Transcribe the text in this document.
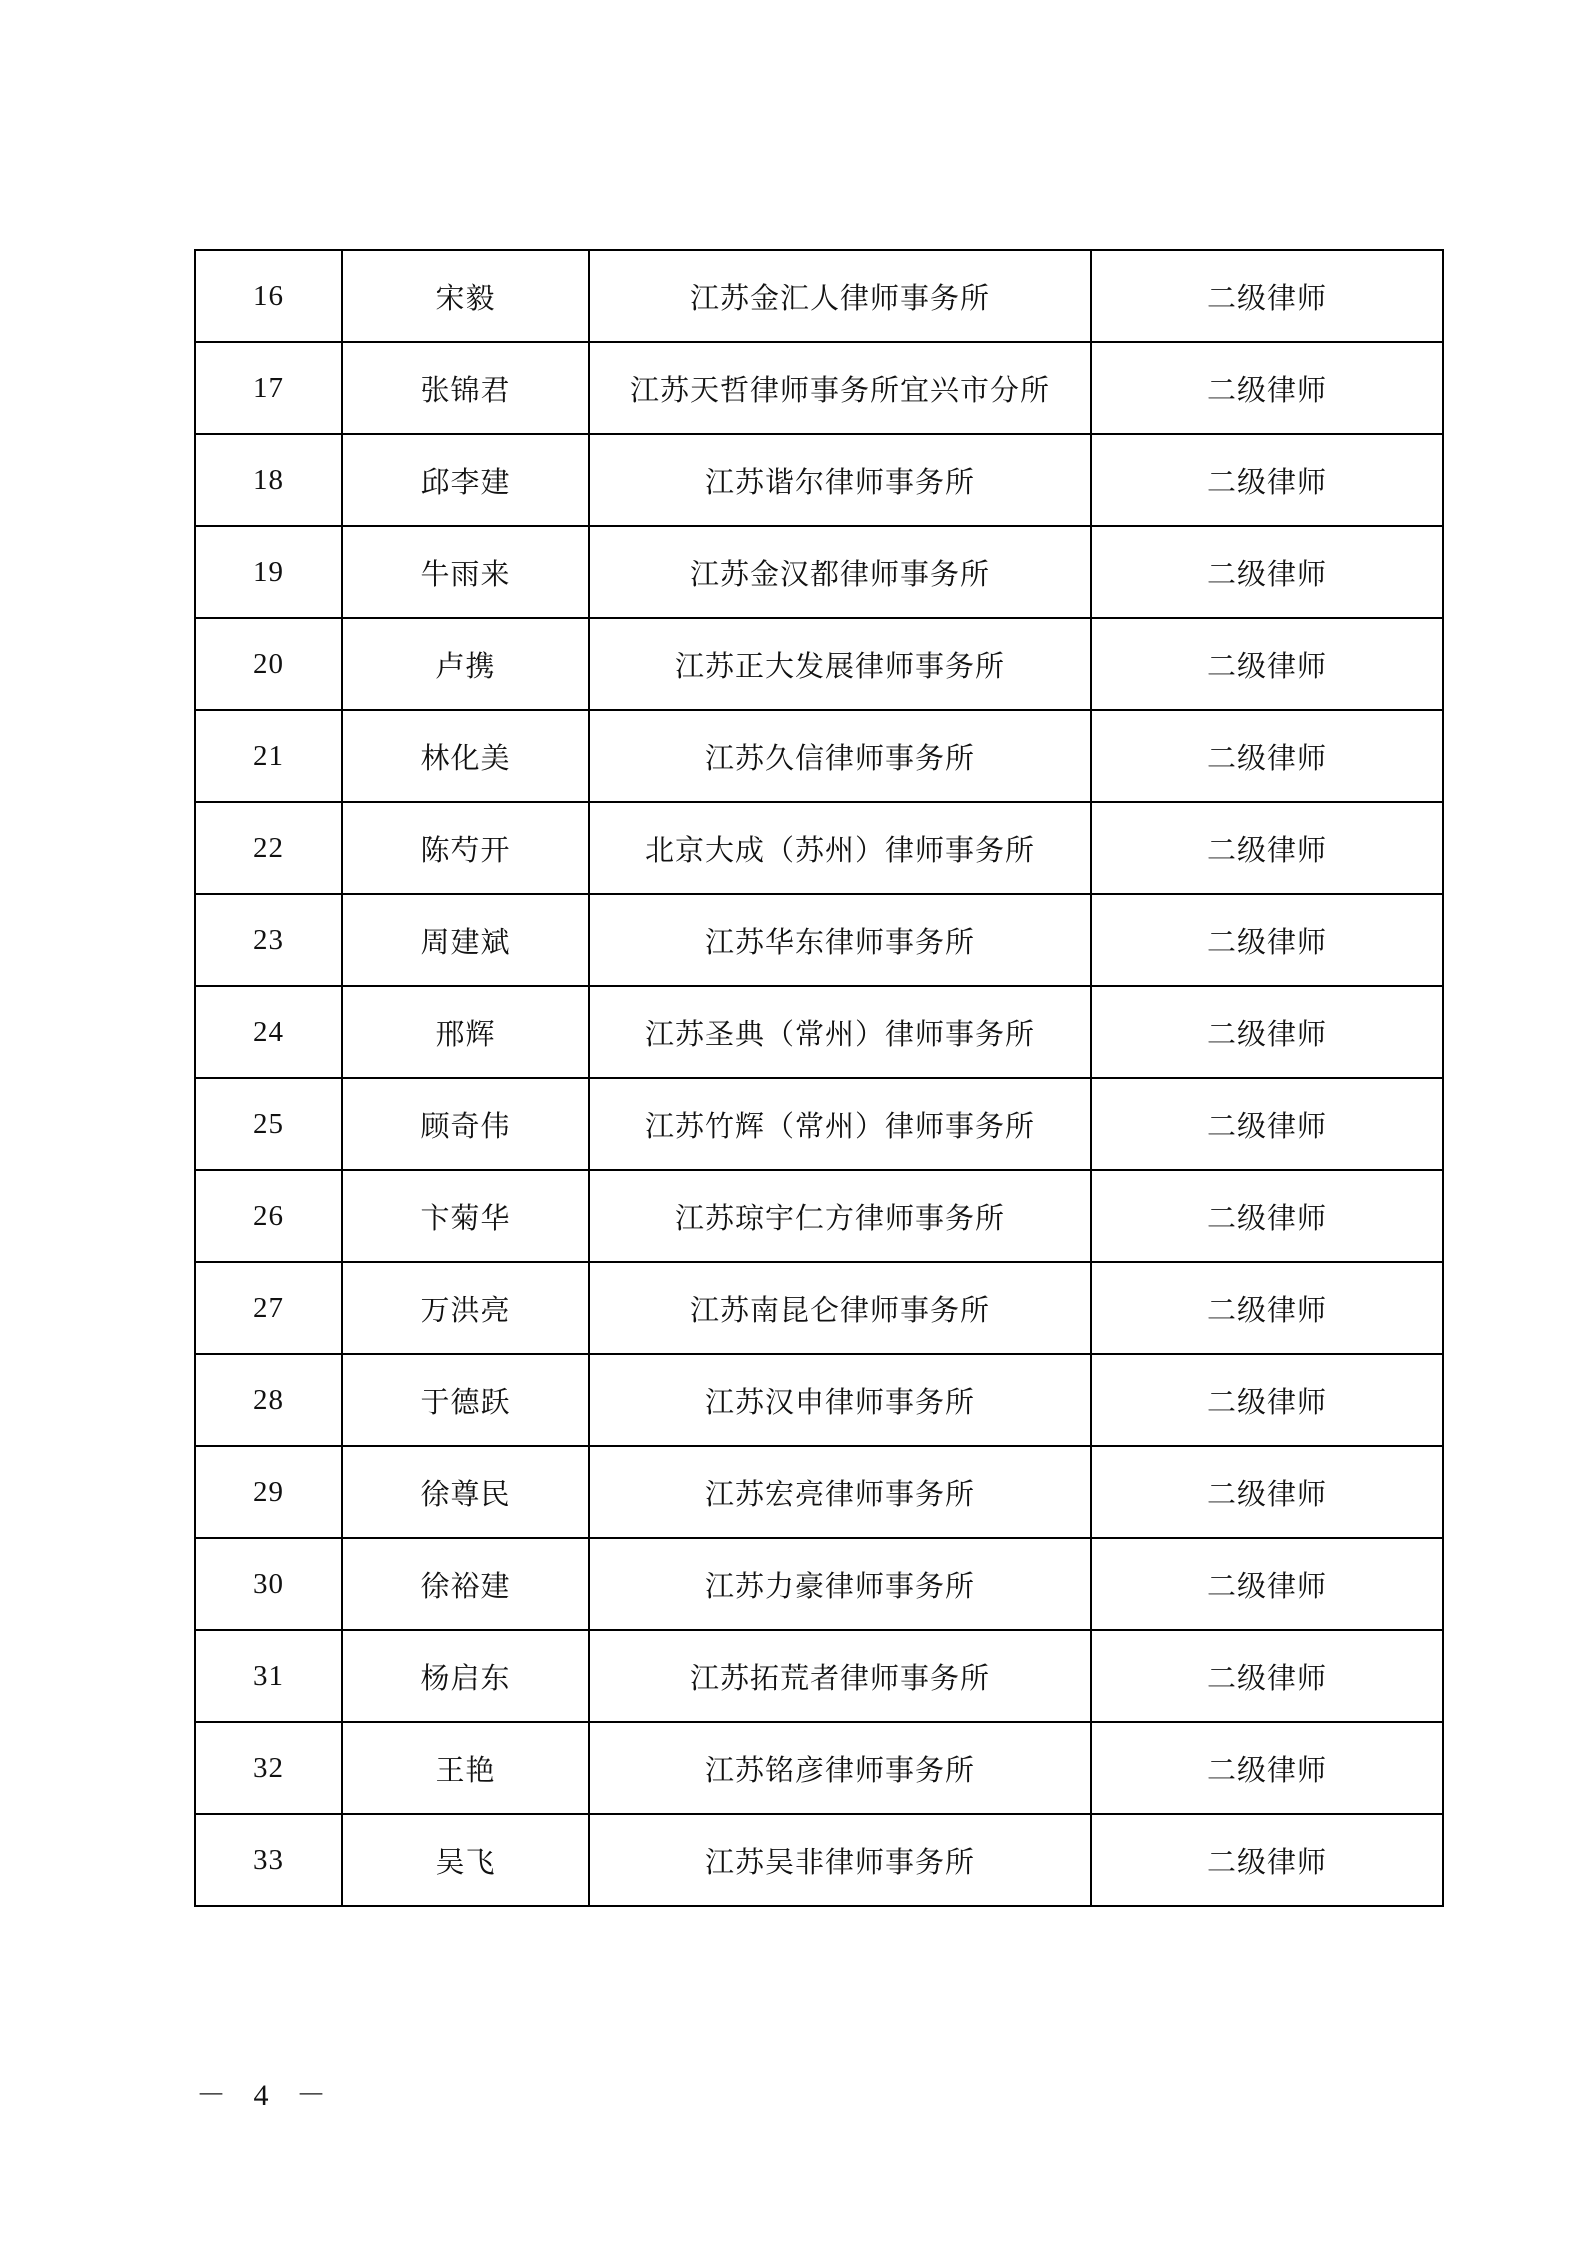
16	宋毅	江苏金汇人律师事务所	二级律师
17	张锦君	江苏天哲律师事务所宜兴市分所	二级律师
18	邱李建	江苏谐尔律师事务所	二级律师
19	牛雨来	江苏金汉都律师事务所	二级律师
20	卢携	江苏正大发展律师事务所	二级律师
21	林化美	江苏久信律师事务所	二级律师
22	陈芍开	北京大成（苏州）律师事务所	二级律师
23	周建斌	江苏华东律师事务所	二级律师
24	邢辉	江苏圣典（常州）律师事务所	二级律师
25	顾奇伟	江苏竹辉（常州）律师事务所	二级律师
26	卞菊华	江苏琼宇仁方律师事务所	二级律师
27	万洪亮	江苏南昆仑律师事务所	二级律师
28	于德跃	江苏汉申律师事务所	二级律师
29	徐尊民	江苏宏亮律师事务所	二级律师
30	徐裕建	江苏力豪律师事务所	二级律师
31	杨启东	江苏拓荒者律师事务所	二级律师
32	王艳	江苏铭彦律师事务所	二级律师
33	吴飞	江苏吴非律师事务所	二级律师
－ 4 －
